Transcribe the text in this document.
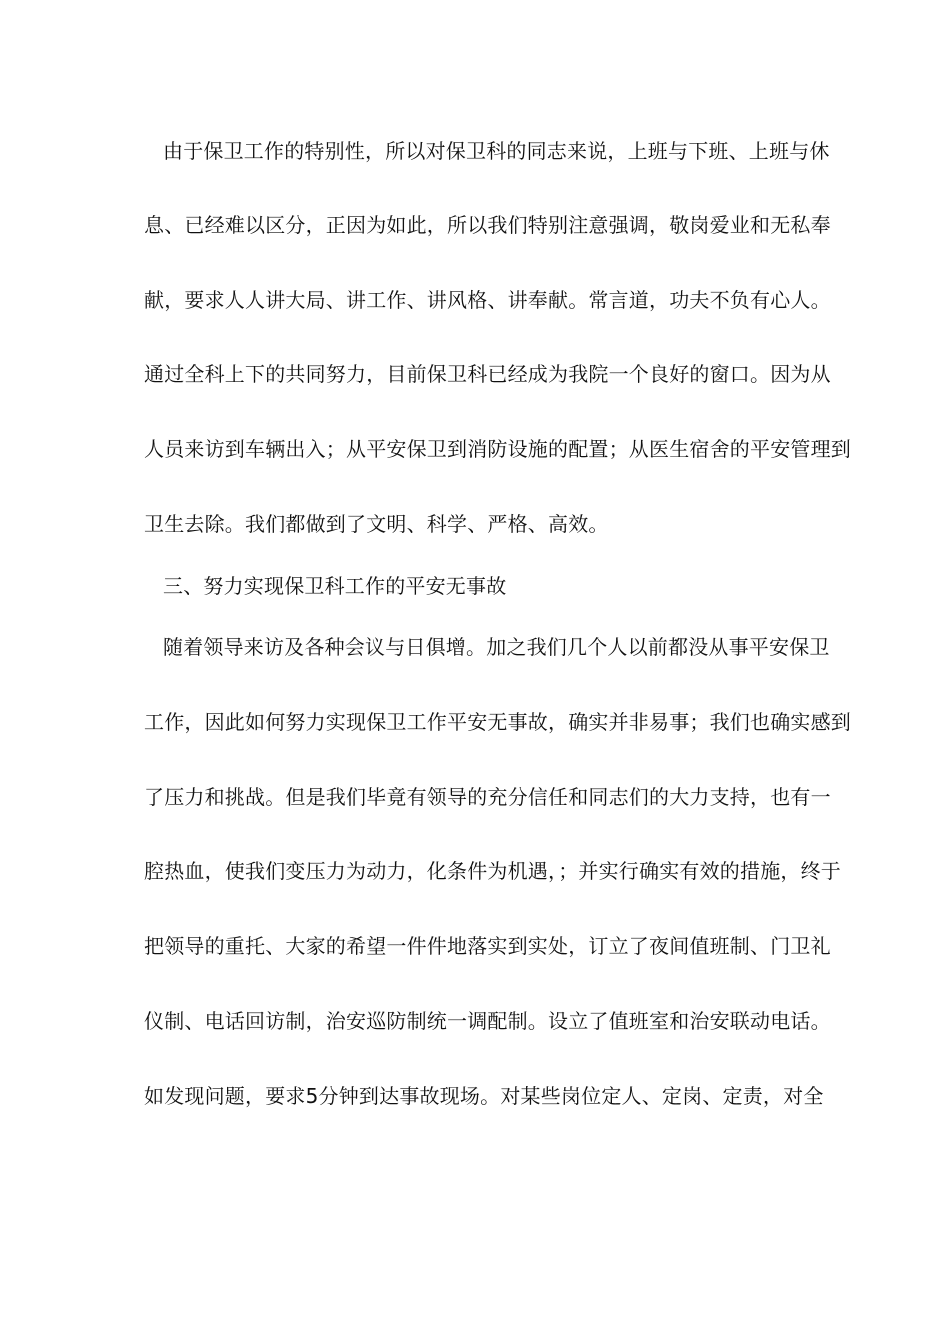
由于保卫工作的特别性，所以对保卫科的同志来说，上班与下班、上班与休
息、已经难以区分，正因为如此，所以我们特别注意强调，敬岗爱业和无私奉
献，要求人人讲大局、讲工作、讲风格、讲奉献。常言道，功夫不负有心人。
通过全科上下的共同努力，目前保卫科已经成为我院一个良好的窗口。因为从
人员来访到车辆出入；从平安保卫到消防设施的配置；从医生宿舍的平安管理到
卫生去除。我们都做到了文明、科学、严格、高效。
三、努力实现保卫科工作的平安无事故
随着领导来访及各种会议与日俱增。加之我们几个人以前都没从事平安保卫
工作，因此如何努力实现保卫工作平安无事故，确实并非易事；我们也确实感到
了压力和挑战。但是我们毕竟有领导的充分信任和同志们的大力支持，也有一
腔热血，使我们变压力为动力，化条件为机遇，；并实行确实有效的措施，终于
把领导的重托、大家的希望一件件地落实到实处，订立了夜间值班制、门卫礼
仪制、电话回访制，治安巡防制统一调配制。设立了值班室和治安联动电话。
如发现问题，要求5分钟到达事故现场。对某些岗位定人、定岗、定责，对全
